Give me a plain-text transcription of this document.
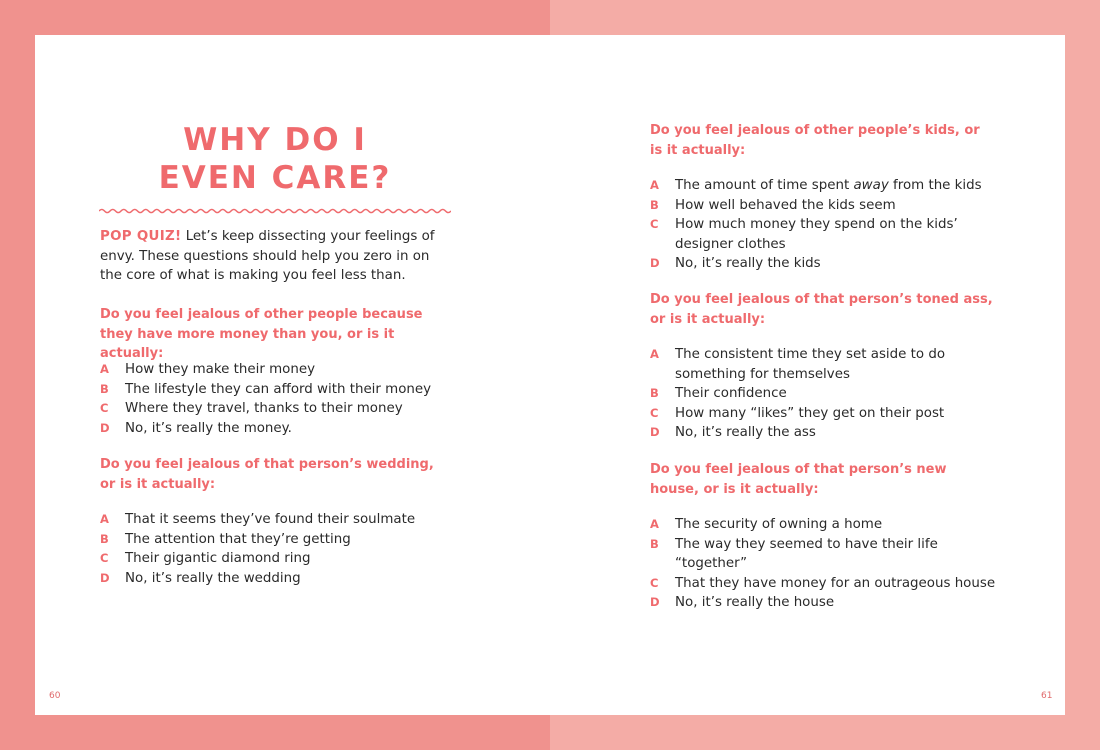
WHY DO I
EVEN CARE?
POP QUIZ! Let’s keep dissecting your feelings of envy. These questions should help you zero in on the core of what is making you feel less than.
Do you feel jealous of other people because they have more money than you, or is it actually:
A How they make their money
B The lifestyle they can afford with their money
C Where they travel, thanks to their money
D No, it’s really the money.
Do you feel jealous of that person’s wedding, or is it actually:
A That it seems they’ve found their soulmate
B The attention that they’re getting
C Their gigantic diamond ring
D No, it’s really the wedding
60
Do you feel jealous of other people’s kids, or is it actually:
A The amount of time spent away from the kids
B How well behaved the kids seem
C How much money they spend on the kids’ designer clothes
D No, it’s really the kids
Do you feel jealous of that person’s toned ass, or is it actually:
A The consistent time they set aside to do something for themselves
B Their confidence
C How many “likes” they get on their post
D No, it’s really the ass
Do you feel jealous of that person’s new house, or is it actually:
A The security of owning a home
B The way they seemed to have their life “together”
C That they have money for an outrageous house
D No, it’s really the house
61
